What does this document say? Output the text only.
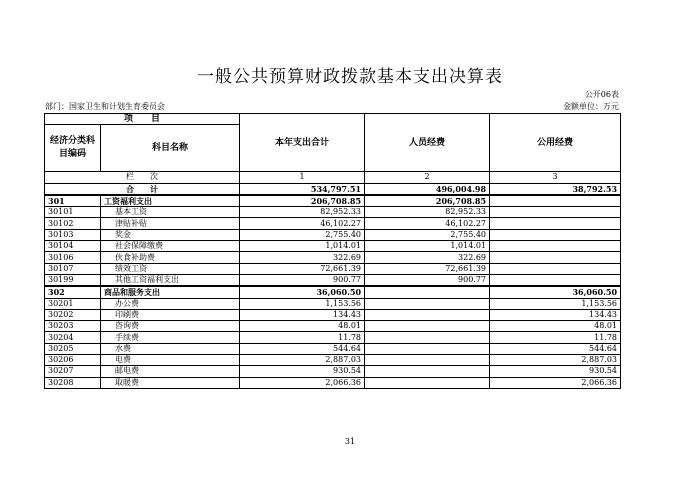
一般公共预算财政拨款基本支出决算表
公开06表
部门：国家卫生和计划生育委员会	金额单位：万元
项　　目		本年支出合计	人员经费	公用经费
经济分类科目编码	科目名称			

栏　　次		1	2	3
合　　计		534,797.51	496,004.98	38,792.53
301	工资福利支出	206,708.85	206,708.85	
30101	基本工资	82,952.33	82,952.33	
30102	津贴补贴	46,102.27	46,102.27	
30103	奖金	2,755.40	2,755.40	
30104	社会保障缴费	1,014.01	1,014.01	
30106	伙食补助费	322.69	322.69	
30107	绩效工资	72,661.39	72,661.39	
30199	其他工资福利支出	900.77	900.77	
302	商品和服务支出	36,060.50		36,060.50
30201	办公费	1,153.56		1,153.56
30202	印刷费	134.43		134.43
30203	咨询费	48.01		48.01
30204	手续费	11.78		11.78
30205	水费	544.64		544.64
30206	电费	2,887.03		2,887.03
30207	邮电费	930.54		930.54
30208	取暖费	2,066.36		2,066.36
31
